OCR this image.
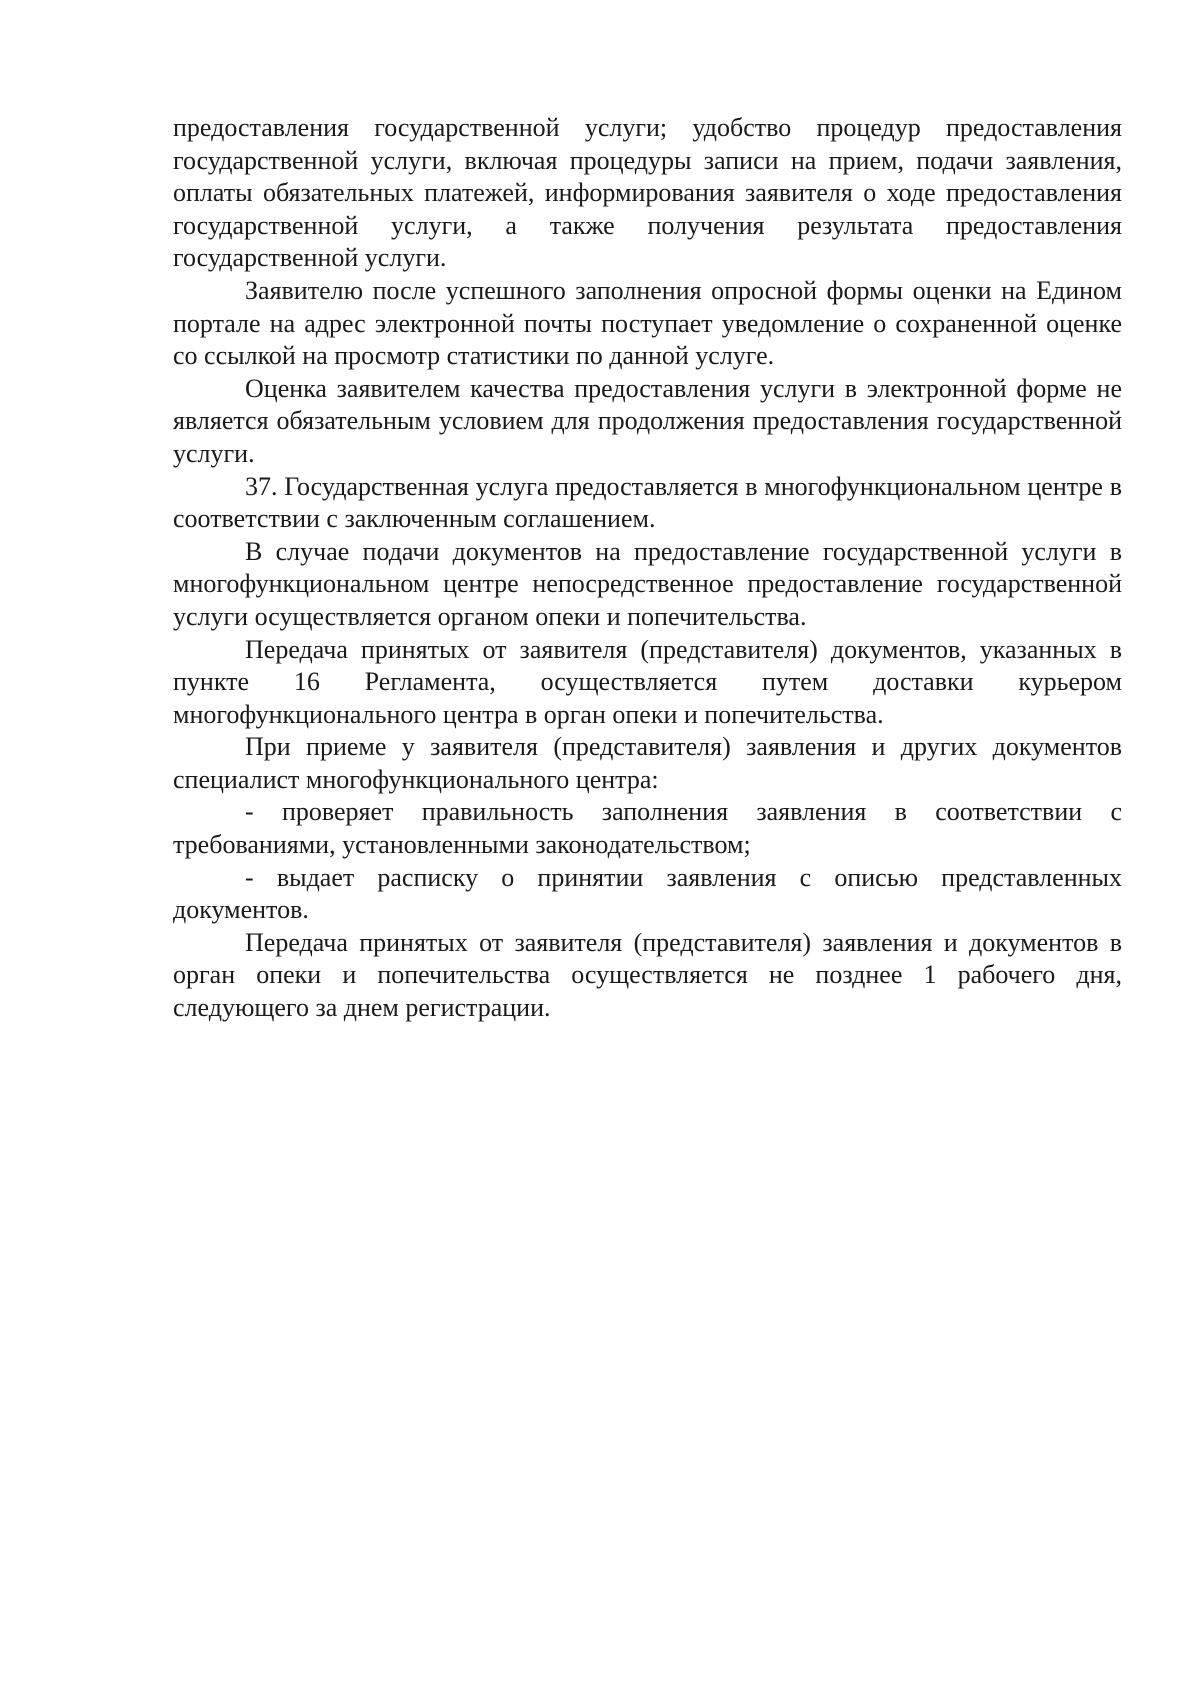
предоставления государственной услуги; удобство процедур предоставления государственной услуги, включая процедуры записи на прием, подачи заявления, оплаты обязательных платежей, информирования заявителя о ходе предоставления государственной услуги, а также получения результата предоставления государственной услуги.

Заявителю после успешного заполнения опросной формы оценки на Едином портале на адрес электронной почты поступает уведомление о сохраненной оценке со ссылкой на просмотр статистики по данной услуге.

Оценка заявителем качества предоставления услуги в электронной форме не является обязательным условием для продолжения предоставления государственной услуги.

37. Государственная услуга предоставляется в многофункциональном центре в соответствии с заключенным соглашением.

В случае подачи документов на предоставление государственной услуги в многофункциональном центре непосредственное предоставление государственной услуги осуществляется органом опеки и попечительства.

Передача принятых от заявителя (представителя) документов, указанных в пункте 16 Регламента, осуществляется путем доставки курьером многофункционального центра в орган опеки и попечительства.

При приеме у заявителя (представителя) заявления и других документов специалист многофункционального центра:

- проверяет правильность заполнения заявления в соответствии с требованиями, установленными законодательством;

- выдает расписку о принятии заявления с описью представленных документов.

Передача принятых от заявителя (представителя) заявления и документов в орган опеки и попечительства осуществляется не позднее 1 рабочего дня, следующего за днем регистрации.
